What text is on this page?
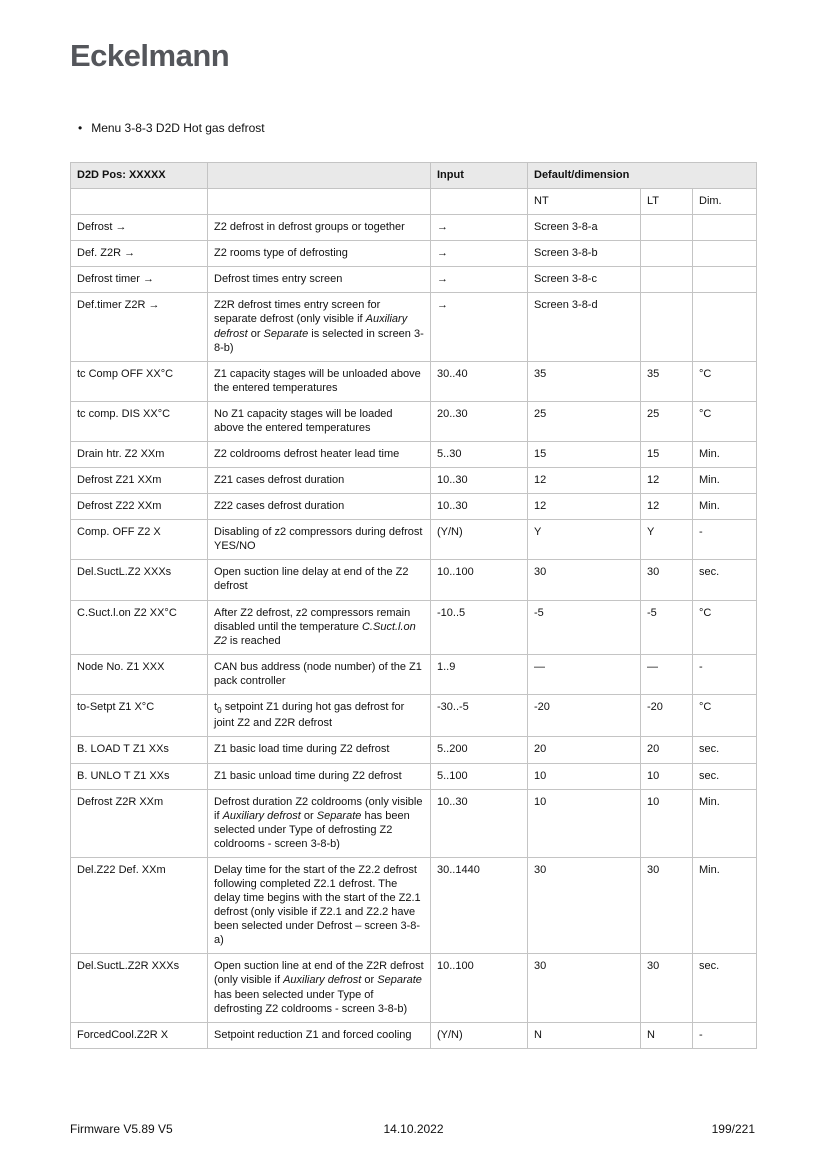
Eckelmann
• Menu 3-8-3 D2D Hot gas defrost
D2D Pos: XXXXX		Input	Default/dimension		
			NT	LT	Dim.
Defrost →	Z2 defrost in defrost groups or together	→	Screen 3-8-a		
Def. Z2R →	Z2 rooms type of defrosting	→	Screen 3-8-b		
Defrost timer →	Defrost times entry screen	→	Screen 3-8-c		
Def.timer Z2R →	Z2R defrost times entry screen for separate defrost (only visible if Auxiliary defrost or Separate is selected in screen 3-8-b)	→	Screen 3-8-d		
tc Comp OFF XX°C	Z1 capacity stages will be unloaded above the entered temperatures	30..40	35	35	°C
tc comp. DIS XX°C	No Z1 capacity stages will be loaded above the entered temperatures	20..30	25	25	°C
Drain htr. Z2 XXm	Z2 coldrooms defrost heater lead time	5..30	15	15	Min.
Defrost Z21 XXm	Z21 cases defrost duration	10..30	12	12	Min.
Defrost Z22 XXm	Z22 cases defrost duration	10..30	12	12	Min.
Comp. OFF Z2 X	Disabling of z2 compressors during defrost YES/NO	(Y/N)	Y	Y	-
Del.SuctL.Z2 XXXs	Open suction line delay at end of the Z2 defrost	10..100	30	30	sec.
C.Suct.l.on Z2 XX°C	After Z2 defrost, z2 compressors remain disabled until the temperature C.Suct.l.on Z2 is reached	-10..5	-5	-5	°C
Node No. Z1 XXX	CAN bus address (node number) of the Z1 pack controller	1..9	—	—	-
to-Setpt Z1 X°C	$t_0$ setpoint Z1 during hot gas defrost for joint Z2 and Z2R defrost	-30..-5	-20	-20	°C
B. LOAD T Z1 XXs	Z1 basic load time during Z2 defrost	5..200	20	20	sec.
B. UNLO T Z1 XXs	Z1 basic unload time during Z2 defrost	5..100	10	10	sec.
Defrost Z2R XXm	Defrost duration Z2 coldrooms (only visible if Auxiliary defrost or Separate has been selected under Type of defrosting Z2 coldrooms - screen 3-8-b)	10..30	10	10	Min.
Del.Z22 Def. XXm	Delay time for the start of the Z2.2 defrost following completed Z2.1 defrost. The delay time begins with the start of the Z2.1 defrost (only visible if Z2.1 and Z2.2 have been selected under Defrost – screen 3-8-a)	30..1440	30	30	Min.
Del.SuctL.Z2R XXXs	Open suction line at end of the Z2R defrost (only visible if Auxiliary defrost or Separate has been selected under Type of defrosting Z2 coldrooms - screen 3-8-b)	10..100	30	30	sec.
ForcedCool.Z2R X	Setpoint reduction Z1 and forced cooling	(Y/N)	N	N	-
Firmware V5.89 V5	14.10.2022	199/221
